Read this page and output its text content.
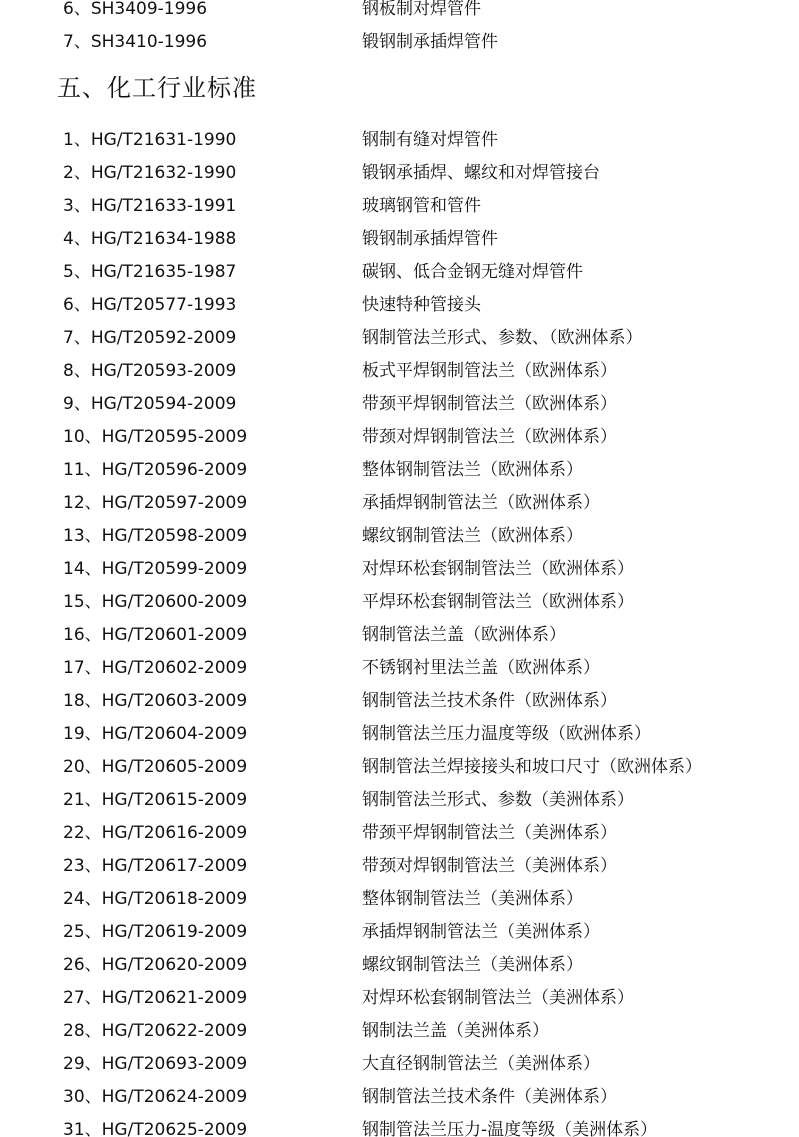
6、SH3409-1996	钢板制对焊管件
7、SH3410-1996	锻钢制承插焊管件
五、化工行业标准
1、HG/T21631-1990	钢制有缝对焊管件
2、HG/T21632-1990	锻钢承插焊、螺纹和对焊管接台
3、HG/T21633-1991	玻璃钢管和管件
4、HG/T21634-1988	锻钢制承插焊管件
5、HG/T21635-1987	碳钢、低合金钢无缝对焊管件
6、HG/T20577-1993	快速特种管接头
7、HG/T20592-2009	钢制管法兰形式、参数、（欧洲体系）
8、HG/T20593-2009	板式平焊钢制管法兰（欧洲体系）
9、HG/T20594-2009	带颈平焊钢制管法兰（欧洲体系）
10、HG/T20595-2009	带颈对焊钢制管法兰（欧洲体系）
11、HG/T20596-2009	整体钢制管法兰（欧洲体系）
12、HG/T20597-2009	承插焊钢制管法兰（欧洲体系）
13、HG/T20598-2009	螺纹钢制管法兰（欧洲体系）
14、HG/T20599-2009	对焊环松套钢制管法兰（欧洲体系）
15、HG/T20600-2009	平焊环松套钢制管法兰（欧洲体系）
16、HG/T20601-2009	钢制管法兰盖（欧洲体系）
17、HG/T20602-2009	不锈钢衬里法兰盖（欧洲体系）
18、HG/T20603-2009	钢制管法兰技术条件（欧洲体系）
19、HG/T20604-2009	钢制管法兰压力温度等级（欧洲体系）
20、HG/T20605-2009	钢制管法兰焊接接头和坡口尺寸（欧洲体系）
21、HG/T20615-2009	钢制管法兰形式、参数（美洲体系）
22、HG/T20616-2009	带颈平焊钢制管法兰（美洲体系）
23、HG/T20617-2009	带颈对焊钢制管法兰（美洲体系）
24、HG/T20618-2009	整体钢制管法兰（美洲体系）
25、HG/T20619-2009	承插焊钢制管法兰（美洲体系）
26、HG/T20620-2009	螺纹钢制管法兰（美洲体系）
27、HG/T20621-2009	对焊环松套钢制管法兰（美洲体系）
28、HG/T20622-2009	钢制法兰盖（美洲体系）
29、HG/T20693-2009	大直径钢制管法兰（美洲体系）
30、HG/T20624-2009	钢制管法兰技术条件（美洲体系）
31、HG/T20625-2009	钢制管法兰压力-温度等级（美洲体系）
